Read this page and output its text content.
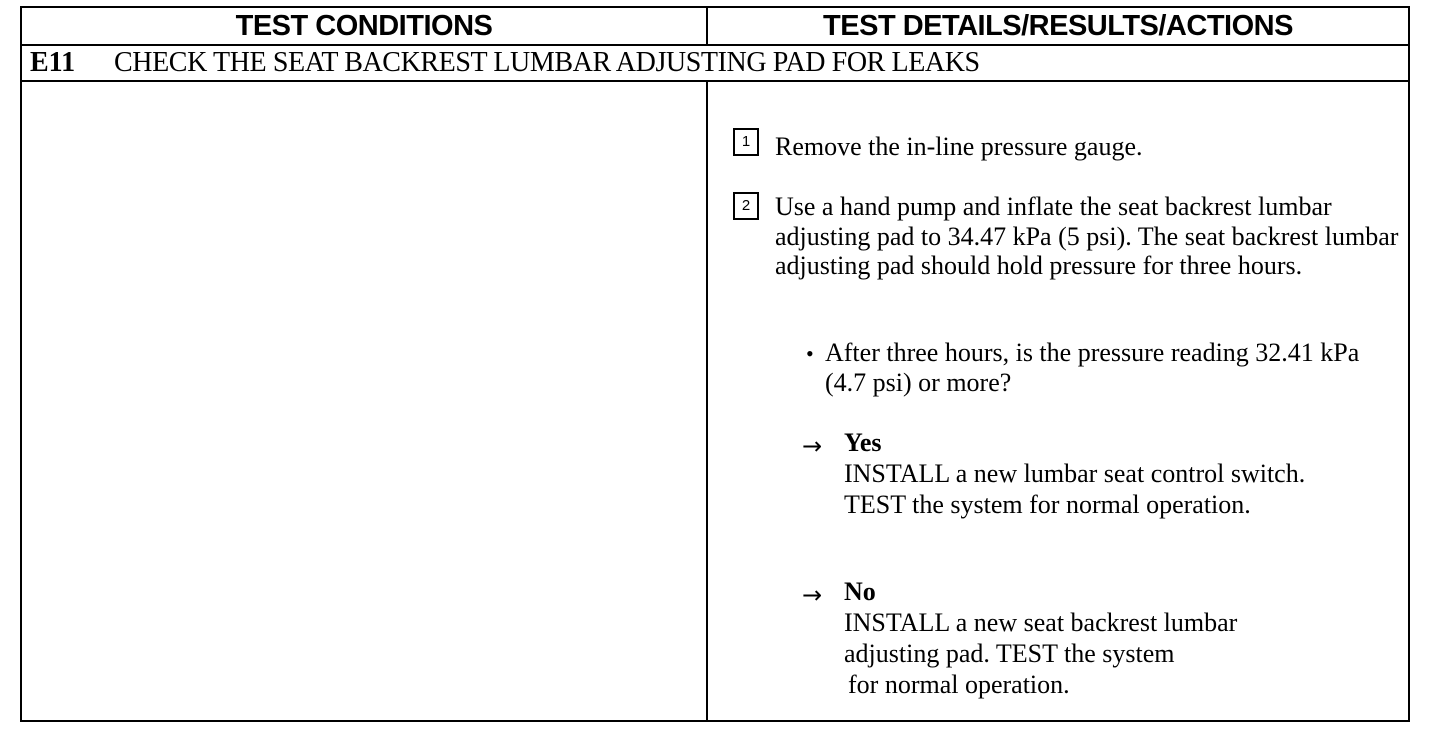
TEST CONDITIONS	TEST DETAILS/RESULTS/ACTIONS
E11 CHECK THE SEAT BACKREST LUMBAR ADJUSTING PAD FOR LEAKS
1 Remove the in-line pressure gauge.
2 Use a hand pump and inflate the seat backrest lumbar adjusting pad to 34.47 kPa (5 psi). The seat backrest lumbar adjusting pad should hold pressure for three hours.
• After three hours, is the pressure reading 32.41 kPa (4.7 psi) or more?
→ Yes
INSTALL a new lumbar seat control switch.
TEST the system for normal operation.
→ No
INSTALL a new seat backrest lumbar
adjusting pad. TEST the system
for normal operation.
